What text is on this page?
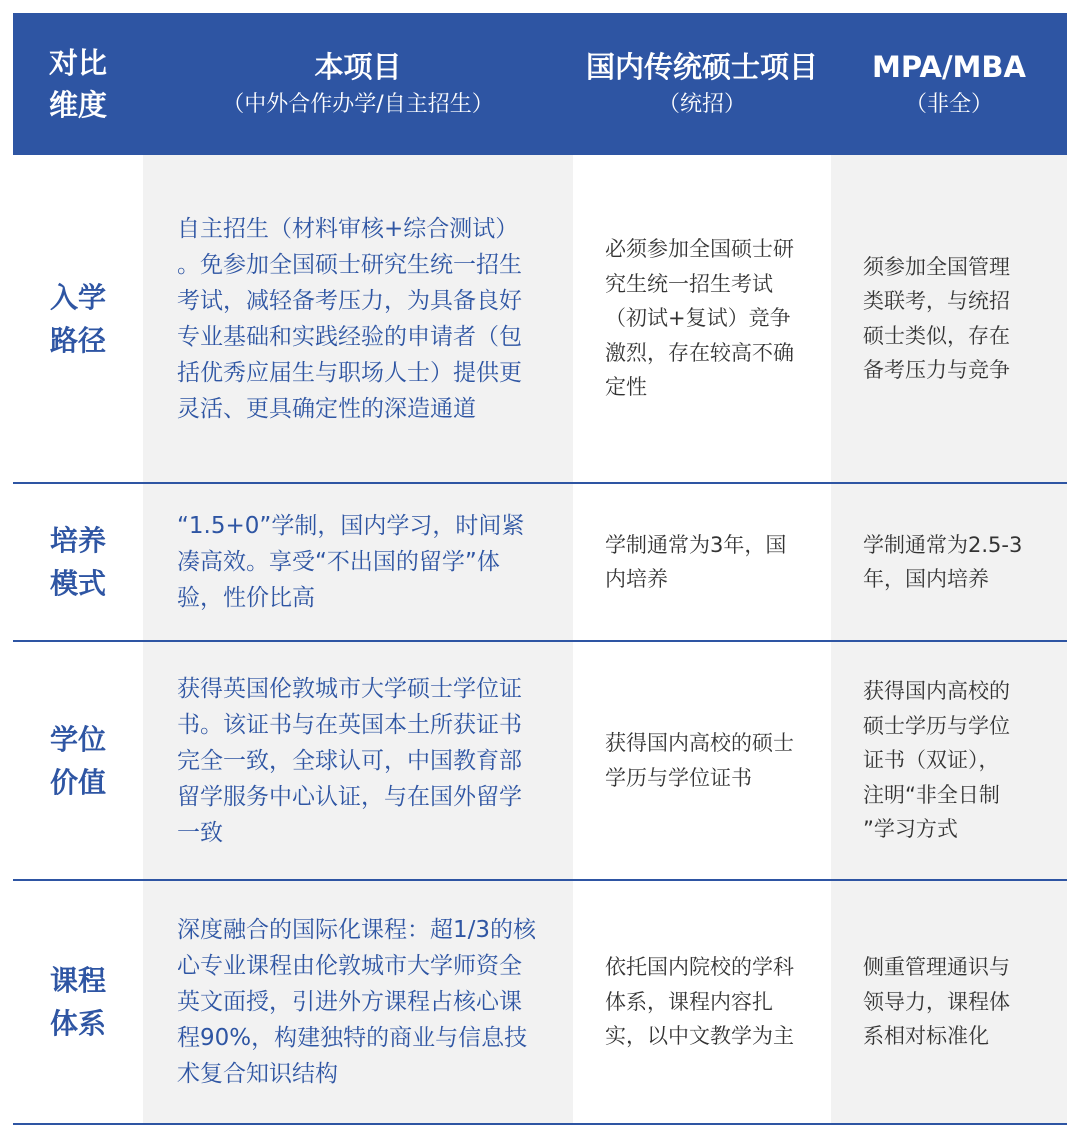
对比
维度
本项目
（中外合作办学/自主招生）
国内传统硕士项目
（统招）
MPA/MBA
（非全）
入学
路径
自主招生（材料审核+综合测试）
。免参加全国硕士研究生统一招生
考试，减轻备考压力，为具备良好
专业基础和实践经验的申请者（包
括优秀应届生与职场人士）提供更
灵活、更具确定性的深造通道
必须参加全国硕士研
究生统一招生考试
（初试+复试）竞争
激烈，存在较高不确
定性
须参加全国管理
类联考，与统招
硕士类似，存在
备考压力与竞争
培养
模式
“1.5+0”学制，国内学习，时间紧
凑高效。享受“不出国的留学”体
验，性价比高
学制通常为3年，国
内培养
学制通常为2.5-3
年，国内培养
学位
价值
获得英国伦敦城市大学硕士学位证
书。该证书与在英国本土所获证书
完全一致，全球认可，中国教育部
留学服务中心认证，与在国外留学
一致
获得国内高校的硕士
学历与学位证书
获得国内高校的
硕士学历与学位
证书（双证），
注明“非全日制
”学习方式
课程
体系
深度融合的国际化课程：超1/3的核
心专业课程由伦敦城市大学师资全
英文面授，引进外方课程占核心课
程90%，构建独特的商业与信息技
术复合知识结构
依托国内院校的学科
体系，课程内容扎
实，以中文教学为主
侧重管理通识与
领导力，课程体
系相对标准化
